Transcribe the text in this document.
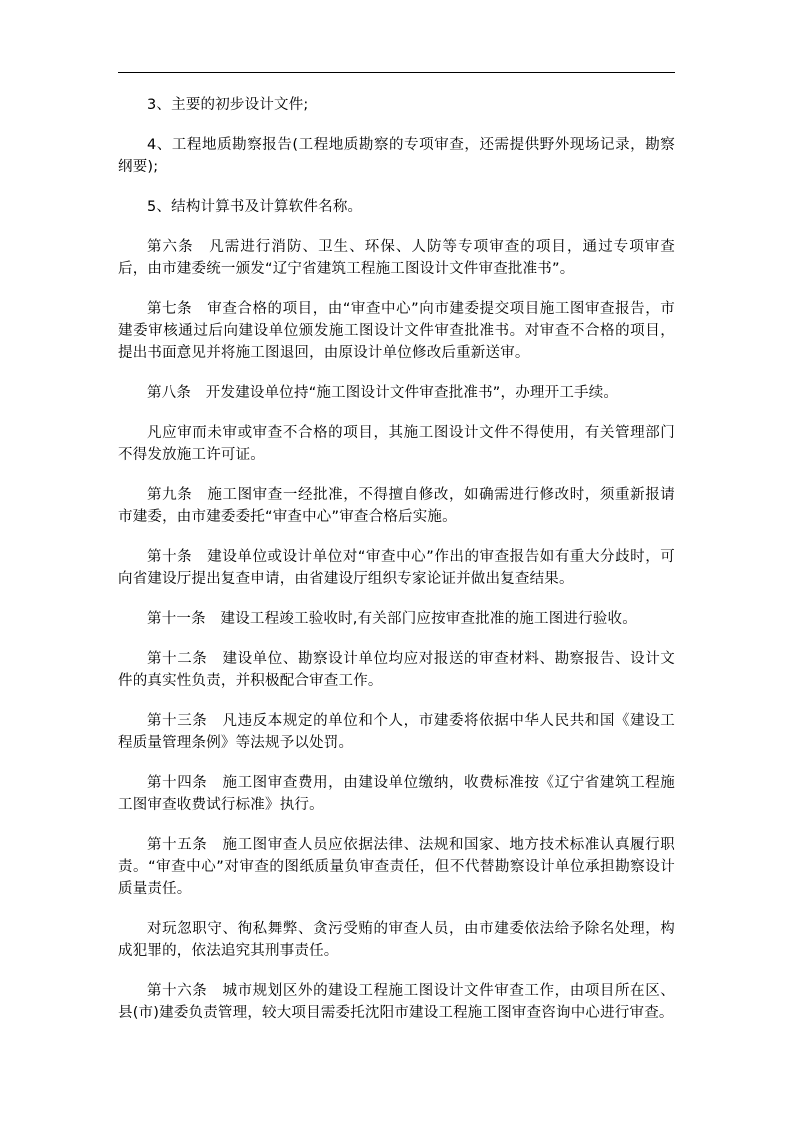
3、主要的初步设计文件;

4、工程地质勘察报告(工程地质勘察的专项审查，还需提供野外现场记录，勘察纲要);

5、结构计算书及计算软件名称。

第六条　凡需进行消防、卫生、环保、人防等专项审查的项目，通过专项审查后，由市建委统一颁发“辽宁省建筑工程施工图设计文件审查批准书”。

第七条　审查合格的项目，由“审查中心”向市建委提交项目施工图审查报告，市建委审核通过后向建设单位颁发施工图设计文件审查批准书。对审查不合格的项目，提出书面意见并将施工图退回，由原设计单位修改后重新送审。

第八条　开发建设单位持“施工图设计文件审查批准书”，办理开工手续。

凡应审而未审或审查不合格的项目，其施工图设计文件不得使用，有关管理部门不得发放施工许可证。

第九条　施工图审查一经批准，不得擅自修改，如确需进行修改时，须重新报请市建委，由市建委委托“审查中心”审查合格后实施。

第十条　建设单位或设计单位对“审查中心”作出的审查报告如有重大分歧时，可向省建设厅提出复查申请，由省建设厅组织专家论证并做出复查结果。

第十一条　建设工程竣工验收时,有关部门应按审查批准的施工图进行验收。

第十二条　建设单位、勘察设计单位均应对报送的审查材料、勘察报告、设计文件的真实性负责，并积极配合审查工作。

第十三条　凡违反本规定的单位和个人，市建委将依据中华人民共和国《建设工程质量管理条例》等法规予以处罚。

第十四条　施工图审查费用，由建设单位缴纳，收费标准按《辽宁省建筑工程施工图审查收费试行标准》执行。

第十五条　施工图审查人员应依据法律、法规和国家、地方技术标准认真履行职责。“审查中心”对审查的图纸质量负审查责任，但不代替勘察设计单位承担勘察设计质量责任。

对玩忽职守、徇私舞弊、贪污受贿的审查人员，由市建委依法给予除名处理，构成犯罪的，依法追究其刑事责任。

第十六条　城市规划区外的建设工程施工图设计文件审查工作，由项目所在区、县(市)建委负责管理，较大项目需委托沈阳市建设工程施工图审查咨询中心进行审查。
